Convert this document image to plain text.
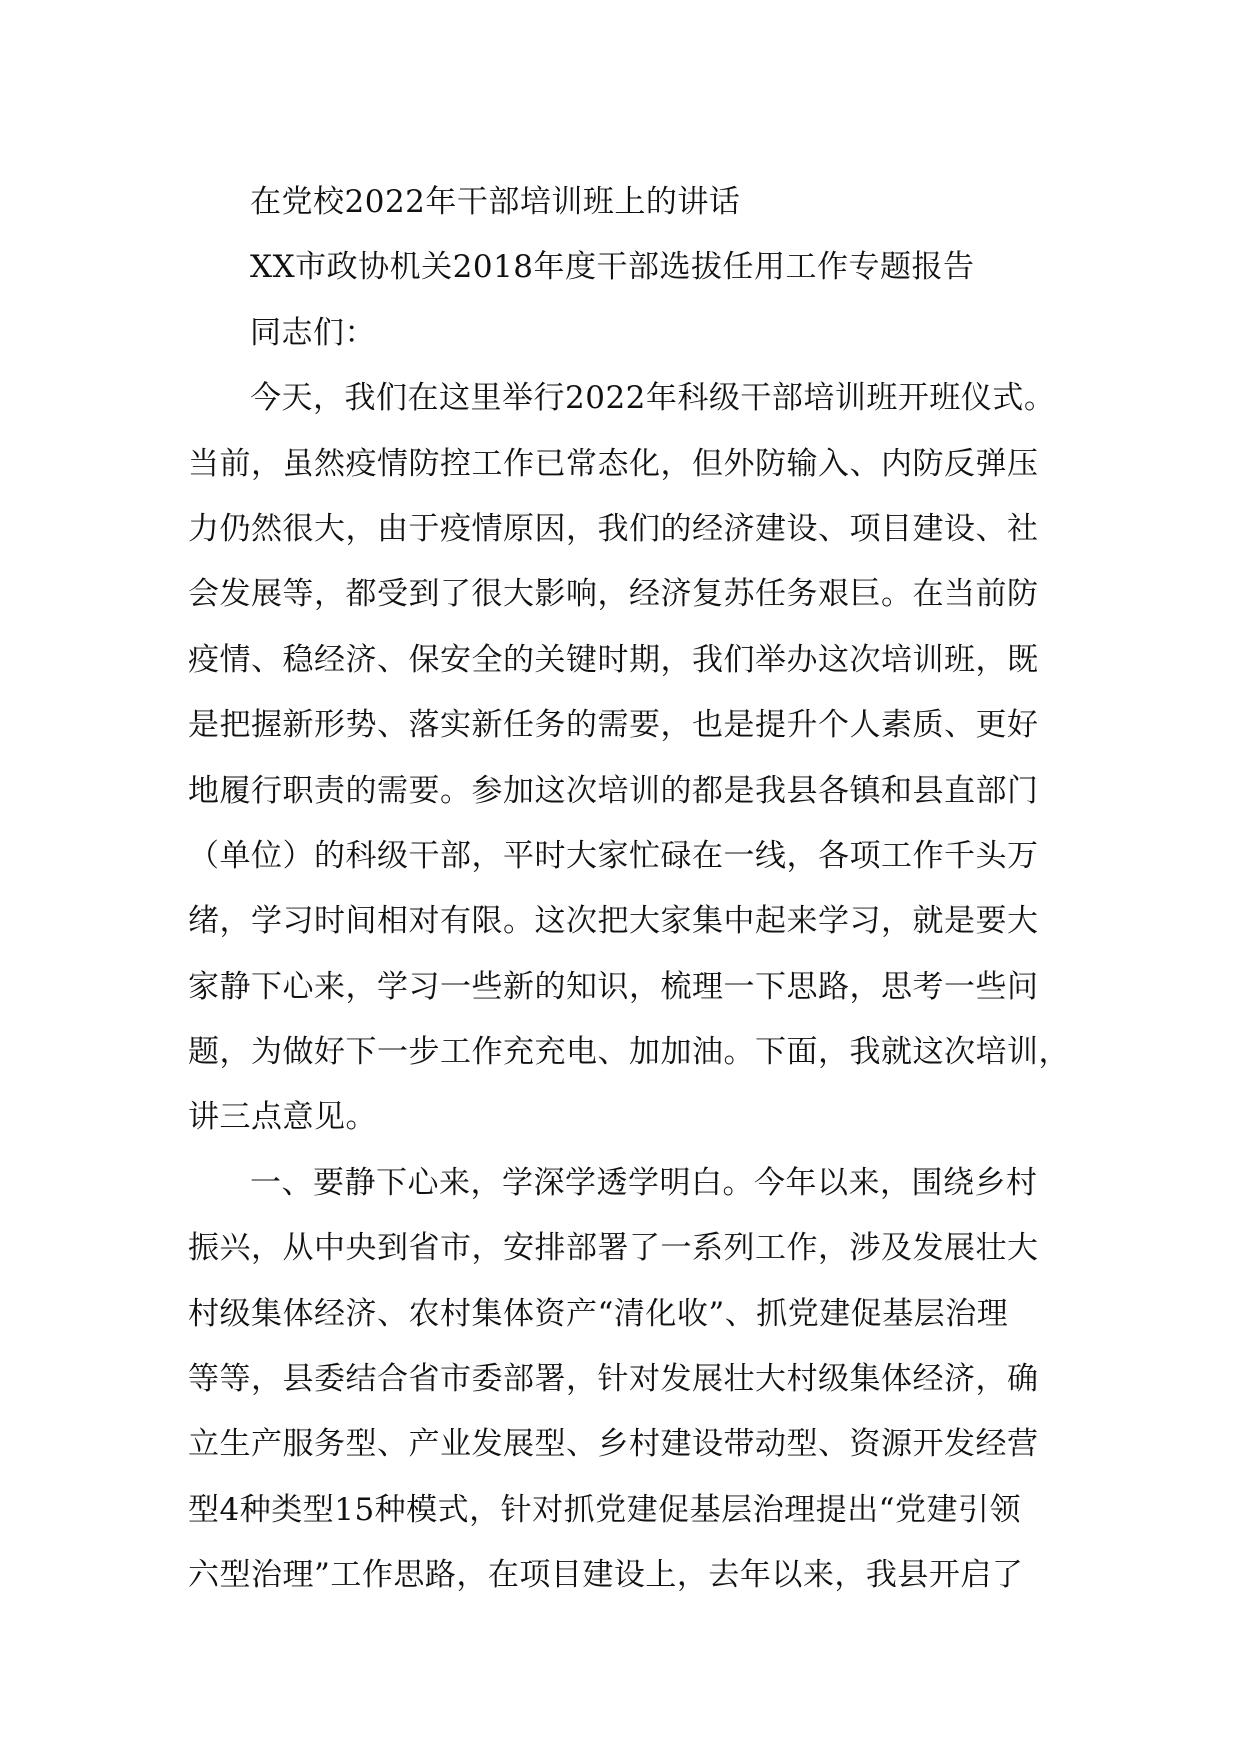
在党校2022年干部培训班上的讲话
XX市政协机关2018年度干部选拔任用工作专题报告
同志们：
今天，我们在这里举行2022年科级干部培训班开班仪式。
当前，虽然疫情防控工作已常态化，但外防输入、内防反弹压
力仍然很大，由于疫情原因，我们的经济建设、项目建设、社
会发展等，都受到了很大影响，经济复苏任务艰巨。在当前防
疫情、稳经济、保安全的关键时期，我们举办这次培训班，既
是把握新形势、落实新任务的需要，也是提升个人素质、更好
地履行职责的需要。参加这次培训的都是我县各镇和县直部门
（单位）的科级干部，平时大家忙碌在一线，各项工作千头万
绪，学习时间相对有限。这次把大家集中起来学习，就是要大
家静下心来，学习一些新的知识，梳理一下思路，思考一些问
题，为做好下一步工作充充电、加加油。下面，我就这次培训，
讲三点意见。
一、要静下心来，学深学透学明白。今年以来，围绕乡村
振兴，从中央到省市，安排部署了一系列工作，涉及发展壮大
村级集体经济、农村集体资产“清化收”、抓党建促基层治理
等等，县委结合省市委部署，针对发展壮大村级集体经济，确
立生产服务型、产业发展型、乡村建设带动型、资源开发经营
型4种类型15种模式，针对抓党建促基层治理提出“党建引领
六型治理”工作思路，在项目建设上，去年以来，我县开启了
